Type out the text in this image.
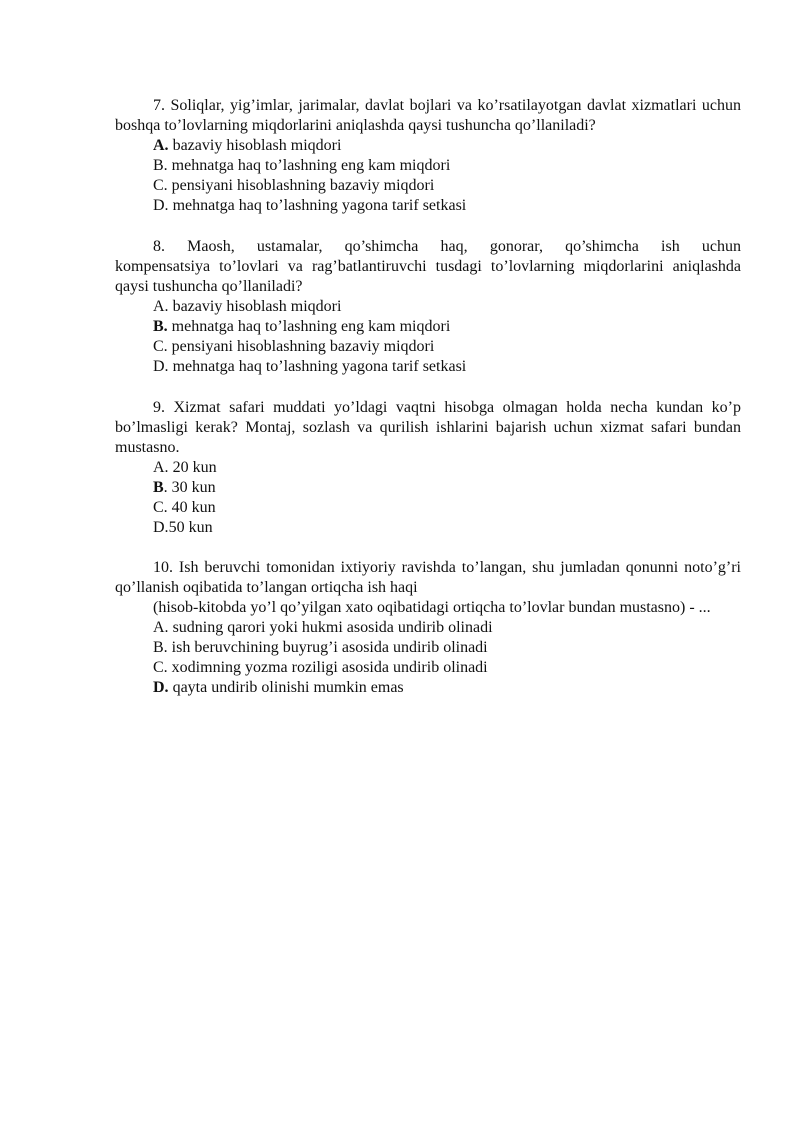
7. Soliqlar, yig’imlar, jarimalar, davlat bojlari va ko’rsatilayotgan davlat xizmatlari uchun boshqa to’lovlarning miqdorlarini aniqlashda qaysi tushuncha qo’llaniladi?

A. bazaviy hisoblash miqdori

B. mehnatga haq to’lashning eng kam miqdori

C. pensiyani hisoblashning bazaviy miqdori

D. mehnatga haq to’lashning yagona tarif setkasi

8. Maosh, ustamalar, qo’shimcha haq, gonorar, qo’shimcha ish uchun

kompensatsiya to’lovlari va rag’batlantiruvchi tusdagi to’lovlarning miqdorlarini aniqlashda qaysi tushuncha qo’llaniladi?

A. bazaviy hisoblash miqdori

B. mehnatga haq to’lashning eng kam miqdori

C. pensiyani hisoblashning bazaviy miqdori

D. mehnatga haq to’lashning yagona tarif setkasi

9. Xizmat safari muddati yo’ldagi vaqtni hisobga olmagan holda necha kundan ko’p bo’lmasligi kerak? Montaj, sozlash va qurilish ishlarini bajarish uchun xizmat safari bundan mustasno.

A. 20 kun

B. 30 kun

C. 40 kun

D.50 kun

10. Ish beruvchi tomonidan ixtiyoriy ravishda to’langan, shu jumladan qonunni noto’g’ri qo’llanish oqibatida to’langan ortiqcha ish haqi

(hisob-kitobda yo’l qo’yilgan xato oqibatidagi ortiqcha to’lovlar bundan mustasno) - ...

A. sudning qarori yoki hukmi asosida undirib olinadi

B. ish beruvchining buyrug’i asosida undirib olinadi

C. xodimning yozma roziligi asosida undirib olinadi

D. qayta undirib olinishi mumkin emas
